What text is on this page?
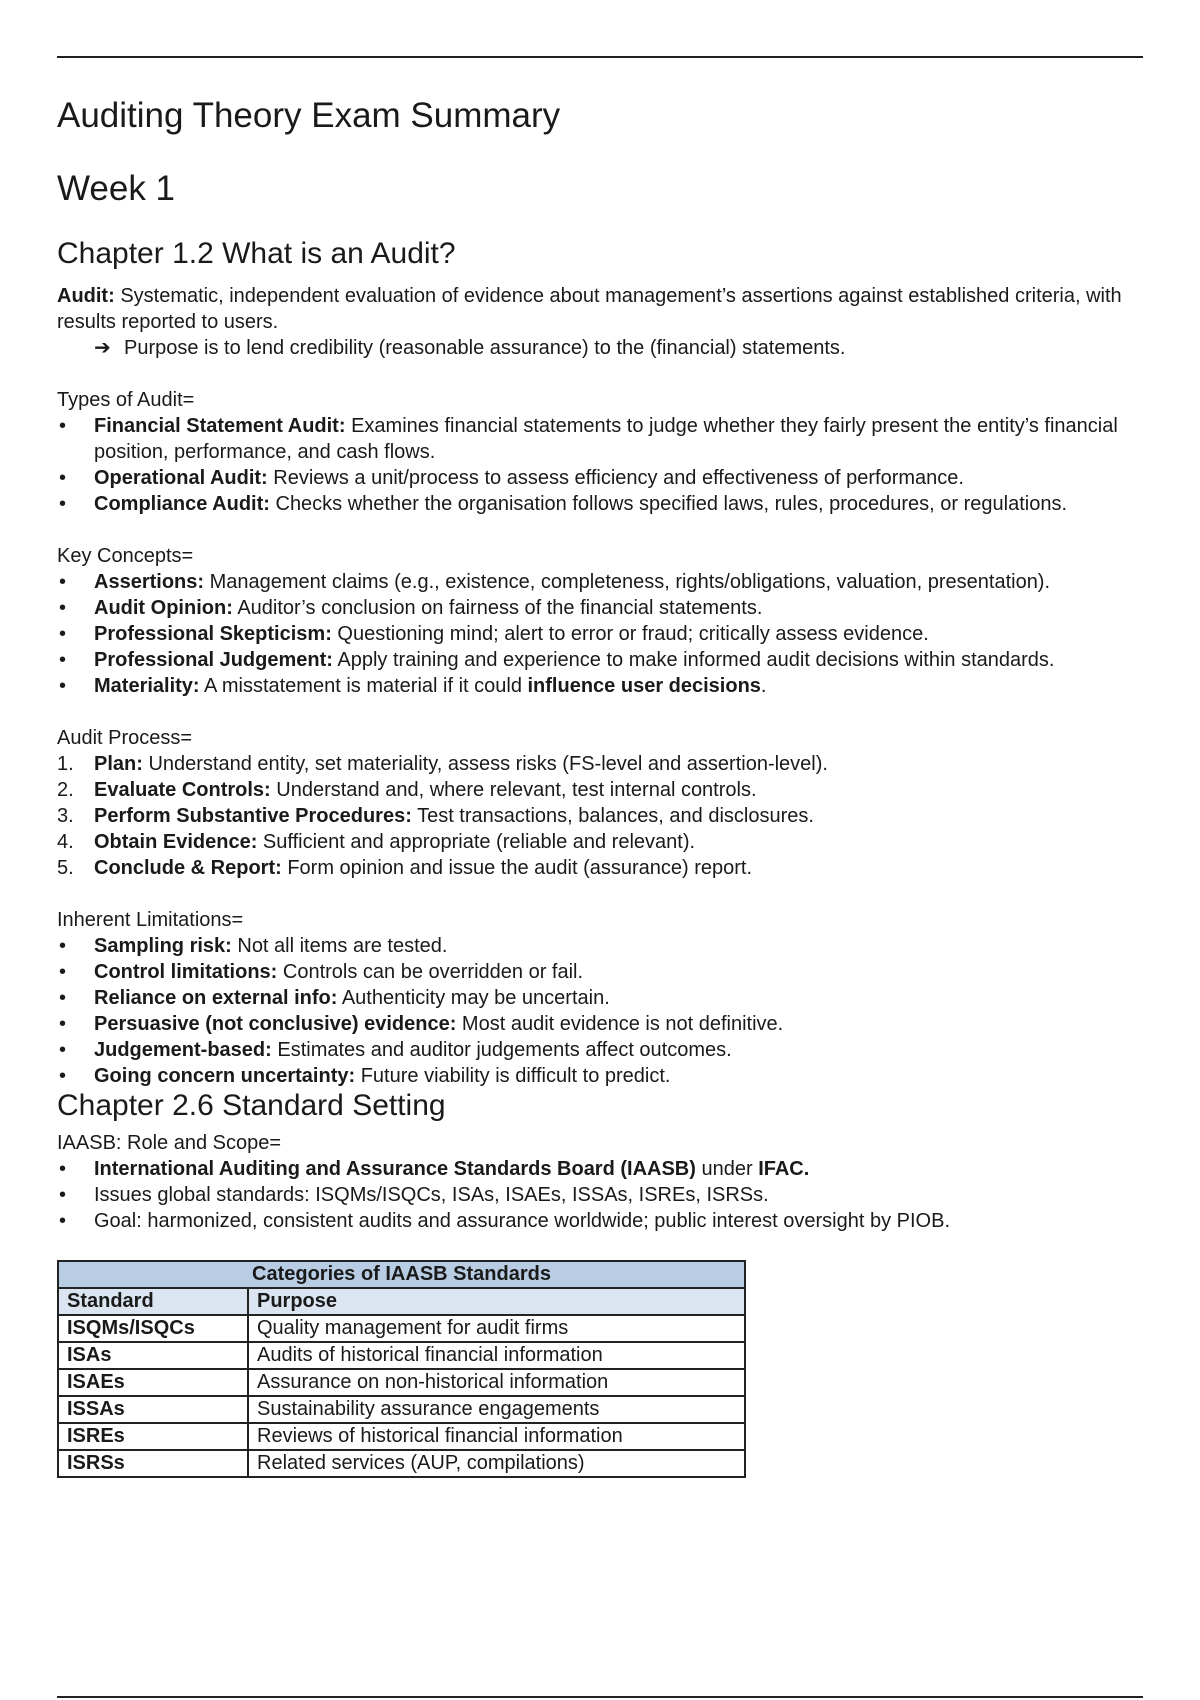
Auditing Theory Exam Summary
Week 1
Chapter 1.2 What is an Audit?

Audit: Systematic, independent evaluation of evidence about management’s assertions against established criteria, with results reported to users.

➔ Purpose is to lend credibility (reasonable assurance) to the (financial) statements.

Types of Audit=

• Financial Statement Audit: Examines financial statements to judge whether they fairly present the entity’s financial position, performance, and cash flows.
• Operational Audit: Reviews a unit/process to assess efficiency and effectiveness of performance.
• Compliance Audit: Checks whether the organisation follows specified laws, rules, procedures, or regulations.

Key Concepts=

• Assertions: Management claims (e.g., existence, completeness, rights/obligations, valuation, presentation).
• Audit Opinion: Auditor’s conclusion on fairness of the financial statements.
• Professional Skepticism: Questioning mind; alert to error or fraud; critically assess evidence.
• Professional Judgement: Apply training and experience to make informed audit decisions within standards.
• Materiality: A misstatement is material if it could influence user decisions.

Audit Process=

1. Plan: Understand entity, set materiality, assess risks (FS-level and assertion-level).
2. Evaluate Controls: Understand and, where relevant, test internal controls.
3. Perform Substantive Procedures: Test transactions, balances, and disclosures.
4. Obtain Evidence: Sufficient and appropriate (reliable and relevant).
5. Conclude & Report: Form opinion and issue the audit (assurance) report.

Inherent Limitations=

• Sampling risk: Not all items are tested.
• Control limitations: Controls can be overridden or fail.
• Reliance on external info: Authenticity may be uncertain.
• Persuasive (not conclusive) evidence: Most audit evidence is not definitive.
• Judgement-based: Estimates and auditor judgements affect outcomes.
• Going concern uncertainty: Future viability is difficult to predict.
Chapter 2.6 Standard Setting

IAASB: Role and Scope=

• International Auditing and Assurance Standards Board (IAASB) under IFAC.
• Issues global standards: ISQMs/ISQCs, ISAs, ISAEs, ISSAs, ISREs, ISRSs.
• Goal: harmonized, consistent audits and assurance worldwide; public interest oversight by PIOB.
Categories of IAASB Standards	
Standard	Purpose
ISQMs/ISQCs	Quality management for audit firms
ISAs	Audits of historical financial information
ISAEs	Assurance on non-historical information
ISSAs	Sustainability assurance engagements
ISREs	Reviews of historical financial information
ISRSs	Related services (AUP, compilations)
